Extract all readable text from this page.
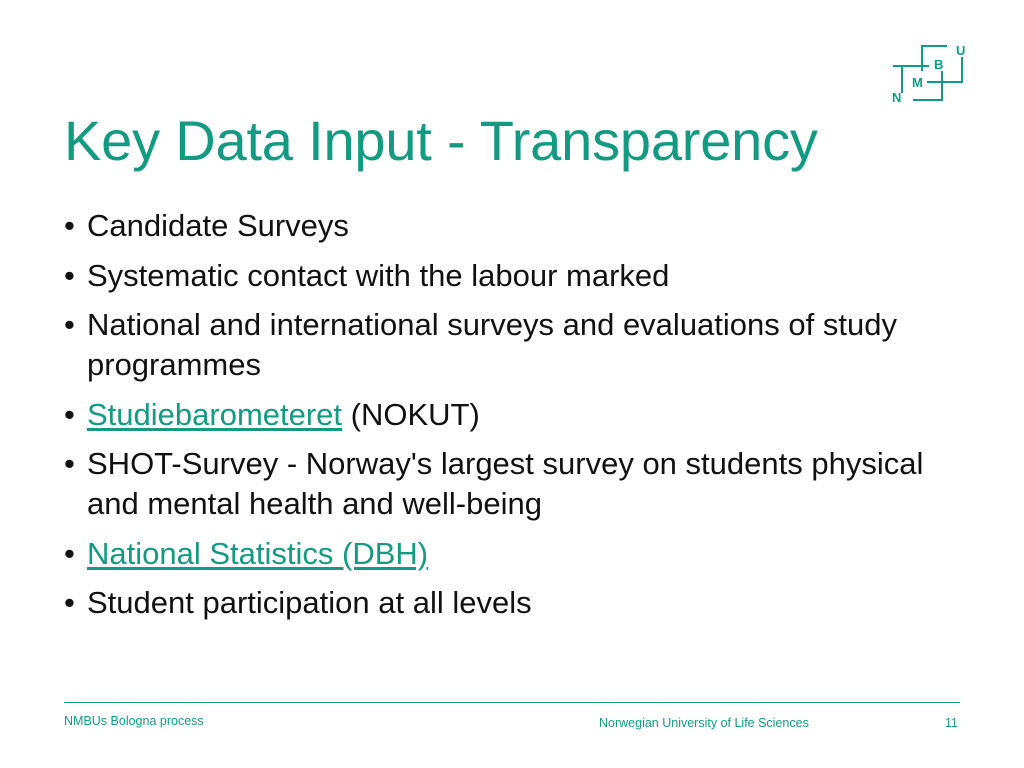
N
M
B
U
Key Data Input - Transparency
• Candidate Surveys
• Systematic contact with the labour marked
• National and international surveys and evaluations of study programmes
• Studiebarometeret (NOKUT)
• SHOT-Survey - Norway's largest survey on students physical and mental health and well-being
• National Statistics (DBH)
• Student participation at all levels
NMBUs Bologna process	Norwegian University of Life Sciences	11
